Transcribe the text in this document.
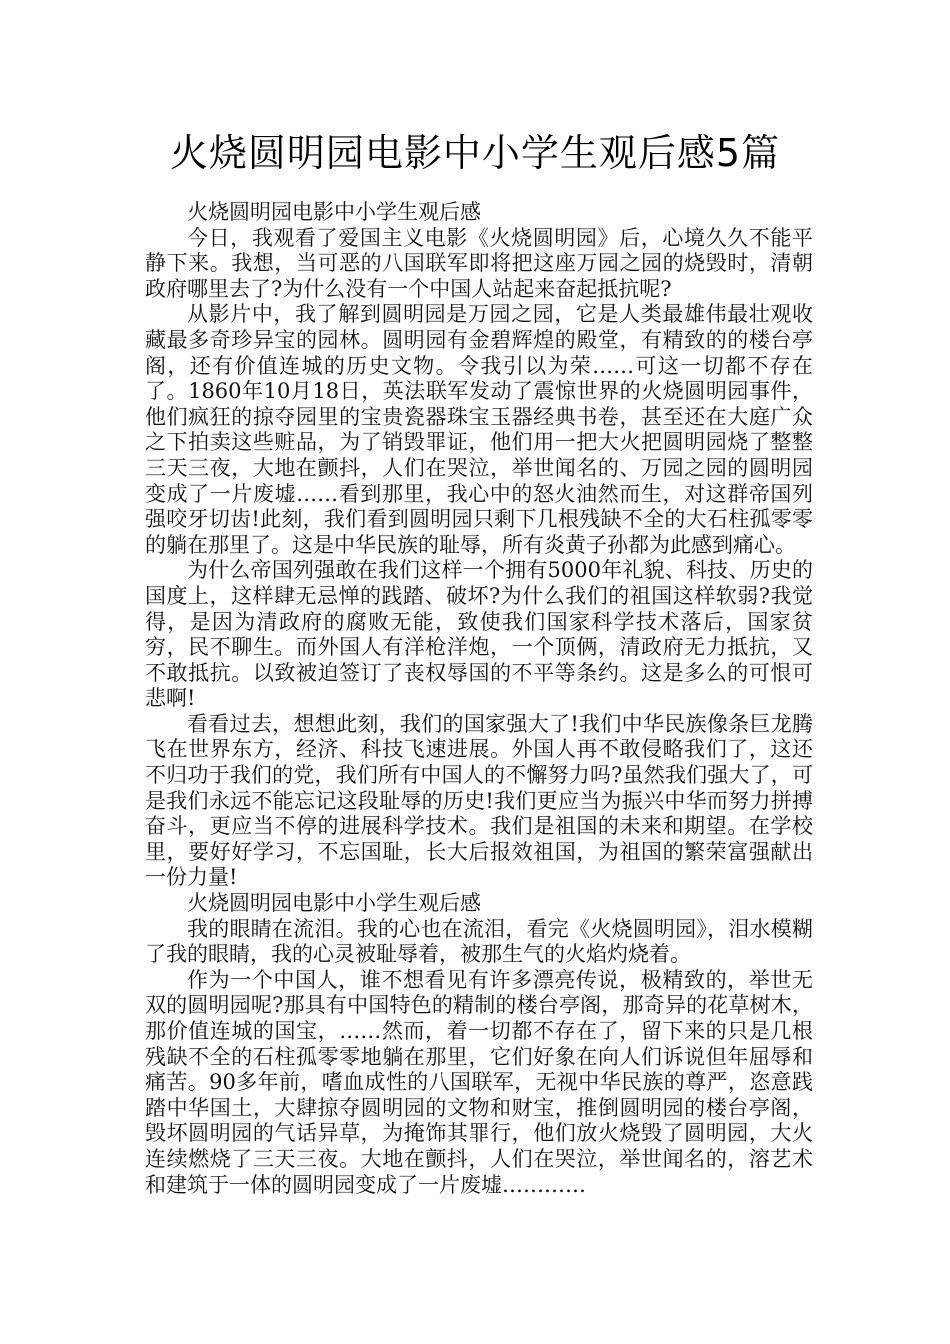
火烧圆明园电影中小学生观后感5篇

火烧圆明园电影中小学生观后感

今日，我观看了爱国主义电影《火烧圆明园》后，心境久久不能平静下来。我想，当可恶的八国联军即将把这座万园之园的烧毁时，清朝政府哪里去了?为什么没有一个中国人站起来奋起抵抗呢?

从影片中，我了解到圆明园是万园之园，它是人类最雄伟最壮观收藏最多奇珍异宝的园林。圆明园有金碧辉煌的殿堂，有精致的的楼台亭阁，还有价值连城的历史文物。令我引以为荣……可这一切都不存在了。1860年10月18日，英法联军发动了震惊世界的火烧圆明园事件，他们疯狂的掠夺园里的宝贵瓷器珠宝玉器经典书卷，甚至还在大庭广众之下拍卖这些赃品，为了销毁罪证，他们用一把大火把圆明园烧了整整三天三夜，大地在颤抖，人们在哭泣，举世闻名的、万园之园的圆明园变成了一片废墟……看到那里，我心中的怒火油然而生，对这群帝国列强咬牙切齿!此刻，我们看到圆明园只剩下几根残缺不全的大石柱孤零零的躺在那里了。这是中华民族的耻辱，所有炎黄子孙都为此感到痛心。

为什么帝国列强敢在我们这样一个拥有5000年礼貌、科技、历史的国度上，这样肆无忌惮的践踏、破坏?为什么我们的祖国这样软弱?我觉得，是因为清政府的腐败无能，致使我们国家科学技术落后，国家贫穷，民不聊生。而外国人有洋枪洋炮，一个顶俩，清政府无力抵抗，又不敢抵抗。以致被迫签订了丧权辱国的不平等条约。这是多么的可恨可悲啊!

看看过去，想想此刻，我们的国家强大了!我们中华民族像条巨龙腾飞在世界东方，经济、科技飞速进展。外国人再不敢侵略我们了，这还不归功于我们的党，我们所有中国人的不懈努力吗?虽然我们强大了，可是我们永远不能忘记这段耻辱的历史!我们更应当为振兴中华而努力拼搏奋斗，更应当不停的进展科学技术。我们是祖国的未来和期望。在学校里，要好好学习，不忘国耻，长大后报效祖国，为祖国的繁荣富强献出一份力量!

火烧圆明园电影中小学生观后感

我的眼睛在流泪。我的心也在流泪，看完《火烧圆明园》，泪水模糊了我的眼睛，我的心灵被耻辱着，被那生气的火焰灼烧着。

作为一个中国人，谁不想看见有许多漂亮传说，极精致的，举世无双的圆明园呢?那具有中国特色的精制的楼台亭阁，那奇异的花草树木，那价值连城的国宝，……然而，着一切都不存在了，留下来的只是几根残缺不全的石柱孤零零地躺在那里，它们好象在向人们诉说但年屈辱和痛苦。90多年前，嗜血成性的八国联军，无视中华民族的尊严，恣意践踏中华国土，大肆掠夺圆明园的文物和财宝，推倒圆明园的楼台亭阁，毁坏圆明园的气话异草，为掩饰其罪行，他们放火烧毁了圆明园，大火连续燃烧了三天三夜。大地在颤抖，人们在哭泣，举世闻名的，溶艺术和建筑于一体的圆明园变成了一片废墟…………
